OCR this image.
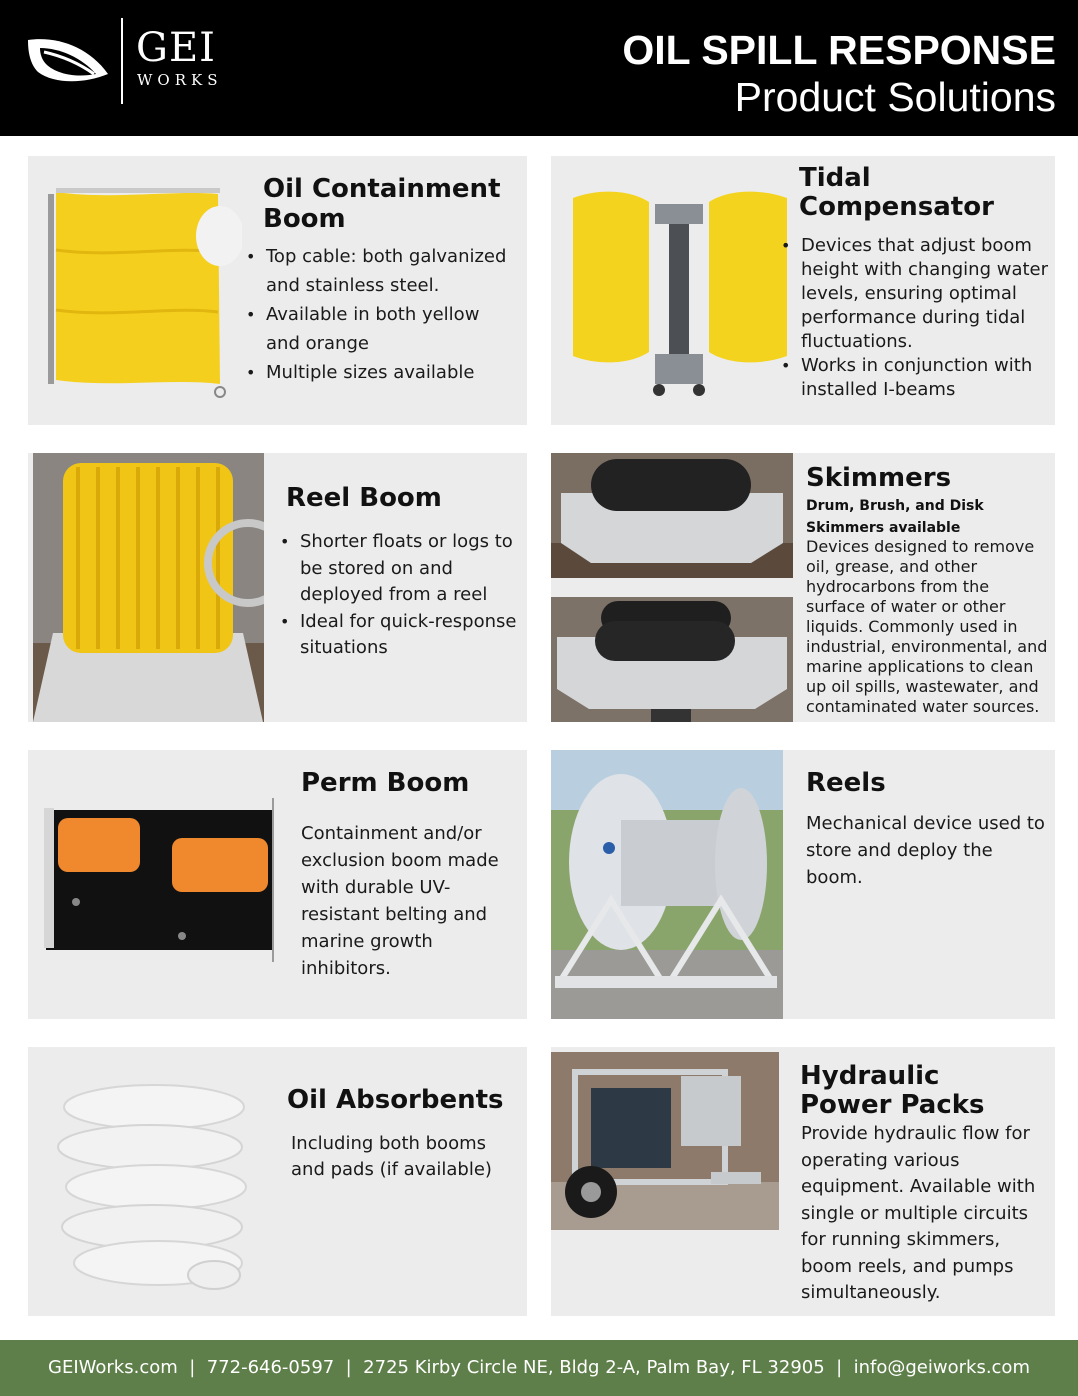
GEI
WORKS
OIL SPILL RESPONSE
Product Solutions
Oil Containment
Boom
• Top cable: both galvanized and stainless steel.
• Available in both yellow and orange
• Multiple sizes available
Tidal
Compensator
• Devices that adjust boom height with changing water levels, ensuring optimal performance during tidal fluctuations.
• Works in conjunction with installed I-beams
Reel Boom
• Shorter floats or logs to be stored on and deployed from a reel
• Ideal for quick-response situations
Skimmers
Drum, Brush, and Disk Skimmers available

Devices designed to remove oil, grease, and other hydrocarbons from the surface of water or other liquids. Commonly used in industrial, environmental, and marine applications to clean up oil spills, wastewater, and contaminated water sources.

Perm Boom

Containment and/or exclusion boom made with durable UV-resistant belting and marine growth inhibitors.

Reels

Mechanical device used to store and deploy the boom.

Oil Absorbents

Including both booms and pads (if available)

Hydraulic
Power Packs

Provide hydraulic flow for operating various equipment. Available with single or multiple circuits for running skimmers, boom reels, and pumps simultaneously.

GEIWorks.com  |  772-646-0597  |  2725 Kirby Circle NE, Bldg 2-A, Palm Bay, FL 32905  |  info@geiworks.com
